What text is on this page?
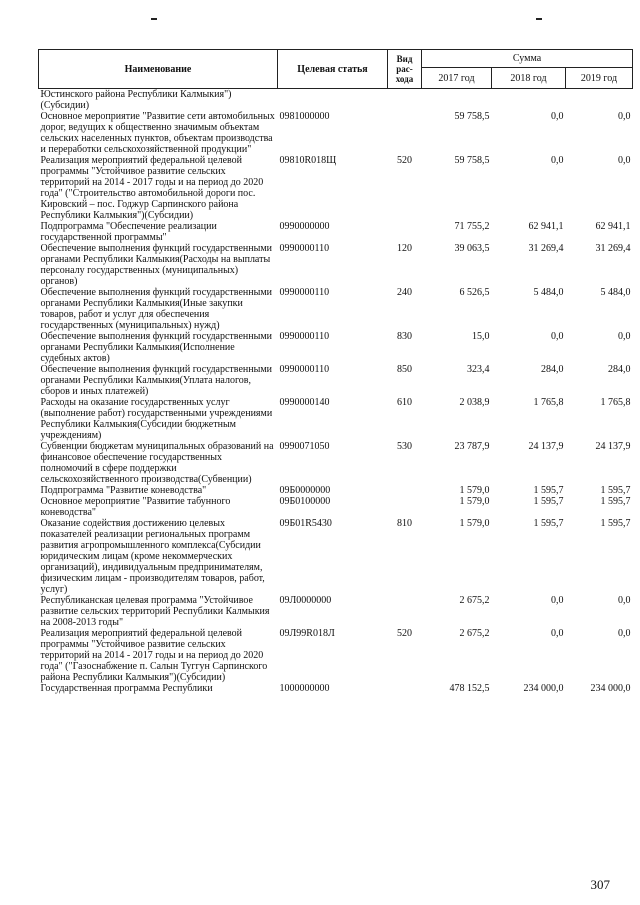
Наименование	Целевая статья	Вид рас-хода	Сумма		
			2017 год	2018 год	2019 год
Юстинского района Республики Калмыкия")(Субсидии)					
Основное мероприятие "Развитие сети автомобильных дорог, ведущих к общественно значимым объектам сельских населенных пунктов, объектам производства и переработки сельскохозяйственной продукции"	0981000000		59 758,5	0,0	0,0
Реализация мероприятий федеральной целевой программы "Устойчивое развитие сельских территорий на 2014 - 2017 годы и на период до 2020 года" ("Строительство автомобильной дороги пос. Кировский – пос. Годжур Сарпинского района Республики Калмыкия")(Субсидии)	09810R018Щ	520	59 758,5	0,0	0,0
Подпрограмма "Обеспечение реализации государственной программы"	0990000000		71 755,2	62 941,1	62 941,1
Обеспечение выполнения функций государственными органами Республики Калмыкия(Расходы на выплаты персоналу государственных (муниципальных) органов)	0990000110	120	39 063,5	31 269,4	31 269,4
Обеспечение выполнения функций государственными органами Республики Калмыкия(Иные закупки товаров, работ и услуг для обеспечения государственных (муниципальных) нужд)	0990000110	240	6 526,5	5 484,0	5 484,0
Обеспечение выполнения функций государственными органами Республики Калмыкия(Исполнение судебных актов)	0990000110	830	15,0	0,0	0,0
Обеспечение выполнения функций государственными органами Республики Калмыкия(Уплата налогов, сборов и иных платежей)	0990000110	850	323,4	284,0	284,0
Расходы на оказание государственных услуг (выполнение работ) государственными учреждениями Республики Калмыкия(Субсидии бюджетным учреждениям)	0990000140	610	2 038,9	1 765,8	1 765,8
Субвенции бюджетам муниципальных образований на финансовое обеспечение государственных полномочий в сфере поддержки сельскохозяйственного производства(Субвенции)	0990071050	530	23 787,9	24 137,9	24 137,9
Подпрограмма "Развитие коневодства"	09Б0000000		1 579,0	1 595,7	1 595,7
Основное мероприятие "Развитие табунного коневодства"	09Б0100000		1 579,0	1 595,7	1 595,7
Оказание содействия достижению целевых показателей реализации региональных программ развития агропромышленного комплекса(Субсидии юридическим лицам (кроме некоммерческих организаций), индивидуальным предпринимателям, физическим лицам - производителям товаров, работ, услуг)	09Б01R5430	810	1 579,0	1 595,7	1 595,7
Республиканская целевая программа "Устойчивое развитие сельских территорий Республики Калмыкия на 2008-2013 годы"	09Л0000000		2 675,2	0,0	0,0
Реализация мероприятий федеральной целевой программы "Устойчивое развитие сельских территорий на 2014 - 2017 годы и на период до 2020 года" ("Газоснабжение п. Салын Туггун Сарпинского района Республики Калмыкия")(Субсидии)	09Л99R018Л	520	2 675,2	0,0	0,0
Государственная программа Республики	1000000000		478 152,5	234 000,0	234 000,0
307
